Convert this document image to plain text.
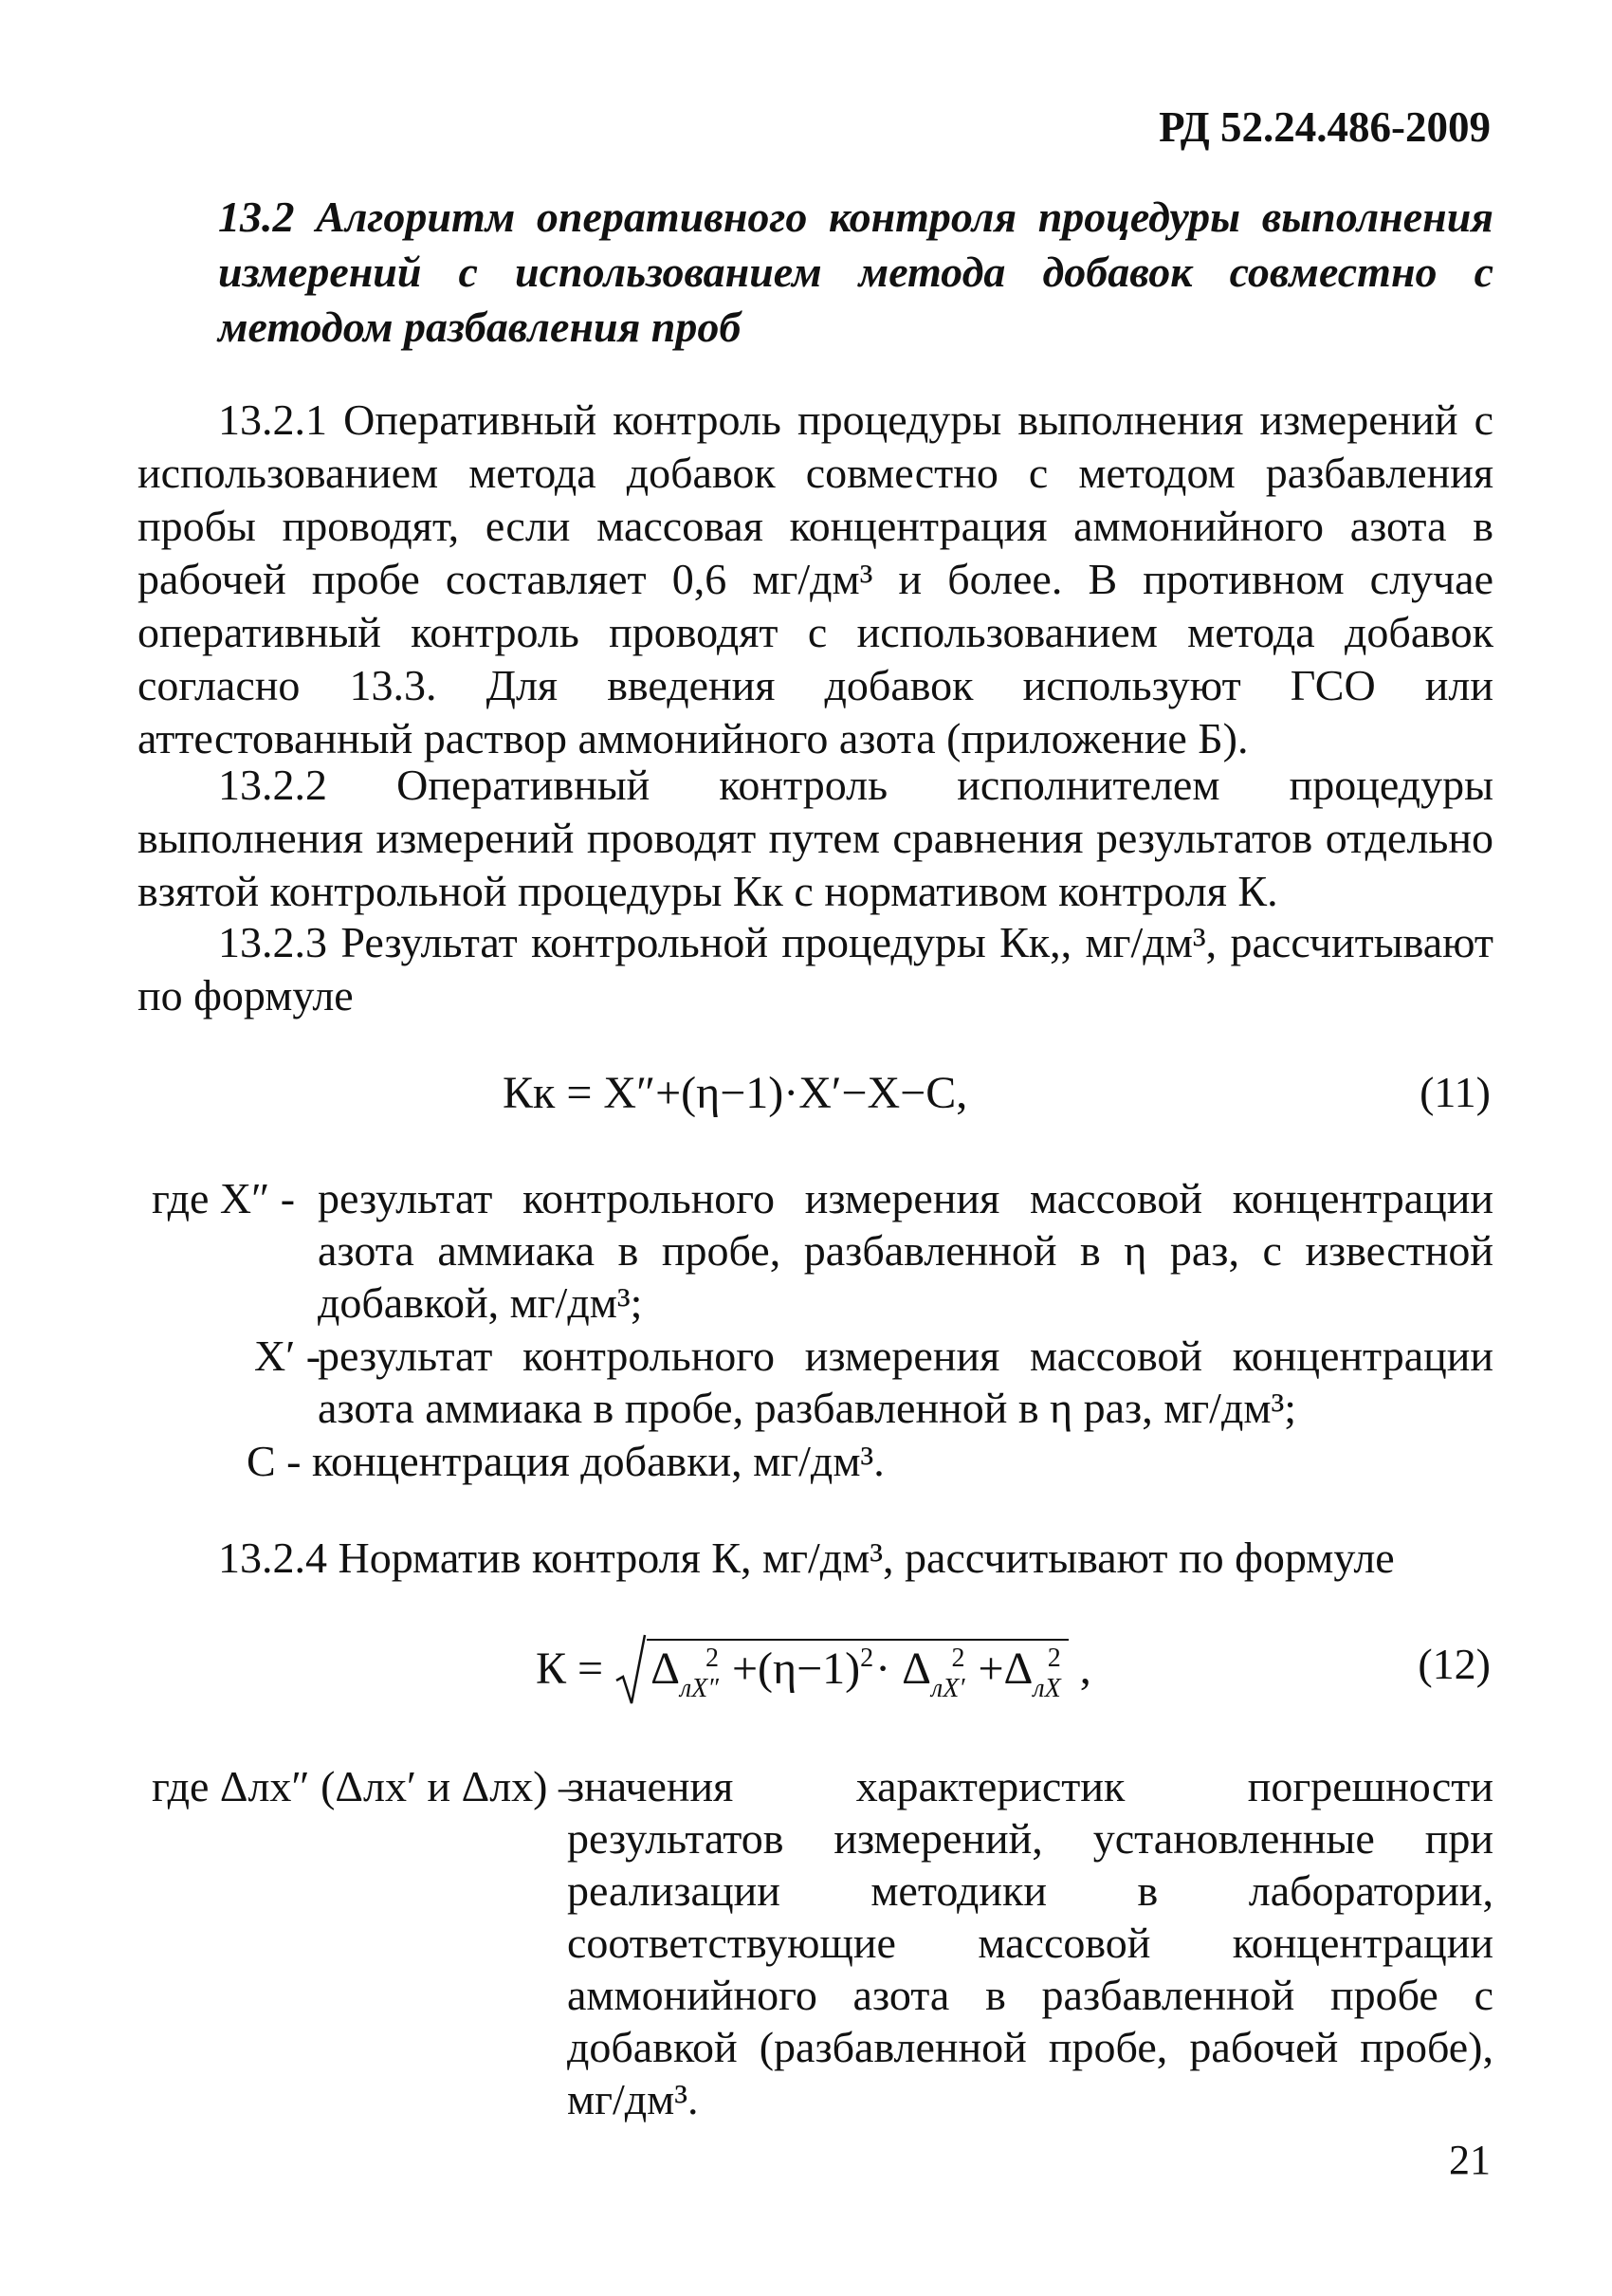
РД 52.24.486-2009
13.2 Алгоритм оперативного контроля процедуры выполнения измерений с использованием метода добавок совместно с методом разбавления проб

13.2.1 Оперативный контроль процедуры выполнения измерений с использованием метода добавок совместно с методом разбавления пробы проводят, если массовая концентрация аммонийного азота в рабочей пробе составляет 0,6 мг/дм³ и более. В противном случае оперативный контроль проводят с использованием метода добавок согласно 13.3. Для введения добавок используют ГСО или аттестованный раствор аммонийного азота (приложение Б).

13.2.2 Оперативный контроль исполнителем процедуры выполнения измерений проводят путем сравнения результатов отдельно взятой контрольной процедуры Кк с нормативом контроля К.

13.2.3 Результат контрольной процедуры Кк,, мг/дм³, рассчитывают по формуле

Кк = X″+(η−1)·X′−X−C,	(11)
где X″ - результат контрольного измерения массовой концентрации азота аммиака в пробе, разбавленной в η раз, с известной добавкой, мг/дм³;
X′ -
результат контрольного измерения массовой концентрации азота аммиака в пробе, разбавленной в η раз, мг/дм³;
С - концентрация добавки, мг/дм³.

13.2.4 Норматив контроля К, мг/дм³, рассчитывают по формуле

$К = \Delta_{лX''}^2 +(\eta-1)^2\cdot \Delta_{лX'}^2 +\Delta_{лX}^2$ ,	(12)
где Δлx″ (Δлx′ и Δлx) –
значения характеристик погрешности результатов измерений, установленные при реализации методики в лаборатории, соответствующие массовой концентрации аммонийного азота в разбавленной пробе с добавкой (разбавленной пробе, рабочей пробе), мг/дм³.
21
